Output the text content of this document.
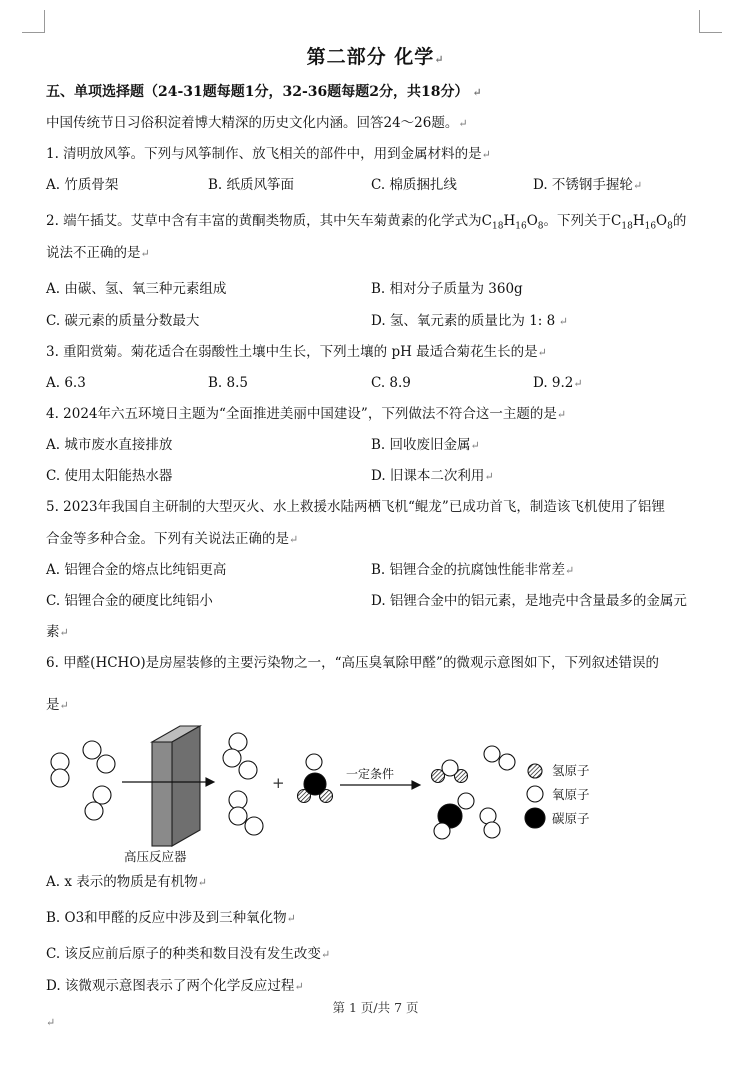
第二部分 化学↵
五、单项选择题（24-31题每题1分，32-36题每题2分，共18分） ↵
中国传统节日习俗积淀着博大精深的历史文化内涵。回答24～26题。↵
1. 清明放风筝。下列与风筝制作、放飞相关的部件中，用到金属材料的是↵
A. 竹质骨架	B. 纸质风筝面	C. 棉质捆扎线	D. 不锈钢手握轮↵
2. 端午插艾。艾草中含有丰富的黄酮类物质，其中矢车菊黄素的化学式为$C_{18}H_{16}O_8$。下列关于$C_{18}H_{16}O_8$的
说法不正确的是↵
A. 由碳、氢、氧三种元素组成	B. 相对分子质量为 360g
C. 碳元素的质量分数最大	D. 氢、氧元素的质量比为 1: 8 ↵
3. 重阳赏菊。菊花适合在弱酸性土壤中生长，下列土壤的 pH 最适合菊花生长的是↵
A. 6.3	B. 8.5	C. 8.9	D. 9.2↵
4. 2024年六五环境日主题为“全面推进美丽中国建设”，下列做法不符合这一主题的是↵
A. 城市废水直接排放	B. 回收废旧金属↵
C. 使用太阳能热水器	D. 旧课本二次利用↵
5. 2023年我国自主研制的大型灭火、水上救援水陆两栖飞机“鲲龙”已成功首飞，制造该飞机使用了铝锂
合金等多种合金。下列有关说法正确的是↵
A. 铝锂合金的熔点比纯铝更高	B. 铝锂合金的抗腐蚀性能非常差↵
C. 铝锂合金的硬度比纯铝小	D. 铝锂合金中的铝元素，是地壳中含量最多的金属元
素↵
6. 甲醛(HCHO)是房屋装修的主要污染物之一，“高压臭氧除甲醛”的微观示意图如下，下列叙述错误的
是↵
+	一定条件
高压反应器
氢原子
氧原子
碳原子
A. x 表示的物质是有机物↵
B. O3和甲醛的反应中涉及到三种氧化物↵
C. 该反应前后原子的种类和数目没有发生改变↵
D. 该微观示意图表示了两个化学反应过程↵
第 1 页/共 7 页
↵
